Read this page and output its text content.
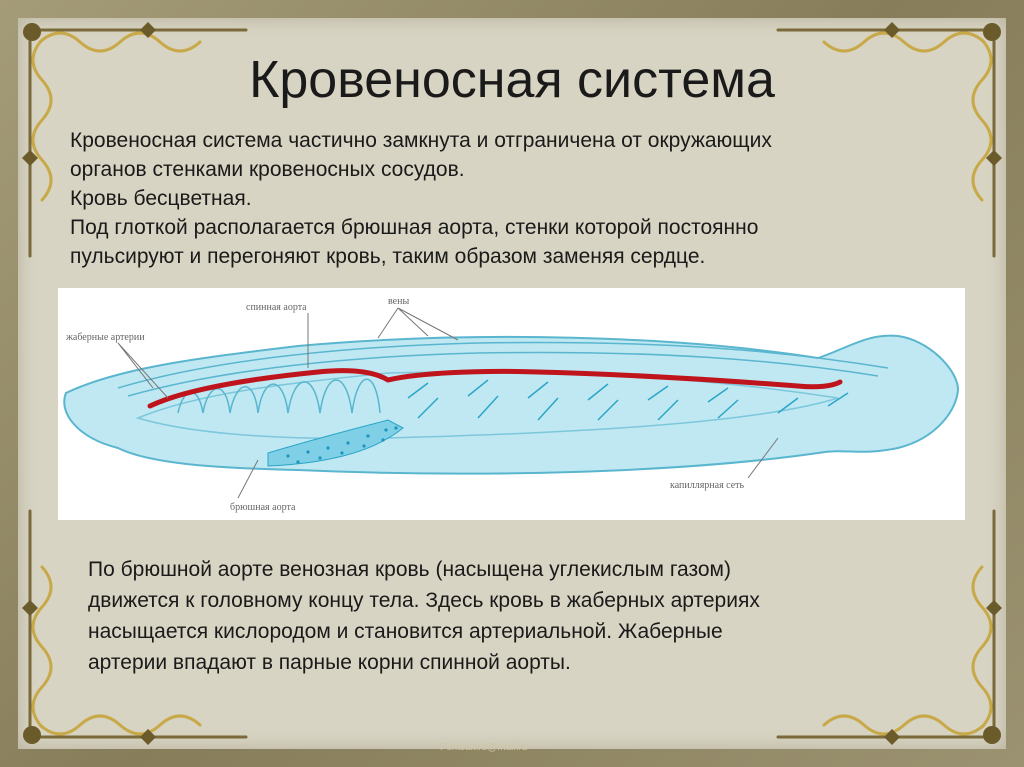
Кровеносная система
Кровеносная система частично замкнута и отграничена от окружающих
органов стенками кровеносных сосудов.
Кровь бесцветная.
Под глоткой располагается брюшная аорта, стенки которой постоянно
пульсируют и перегоняют кровь, таким образом заменяя сердце.
спинная аорта
вены
жаберные артерии
брюшная аорта
капиллярная сеть
По брюшной аорте венозная кровь (насыщена углекислым газом)
движется к головному концу тела. Здесь кровь в жаберных артериях
насыщается кислородом и становится артериальной. Жаберные
артерии впадают в парные корни спинной аорты.
Fontsalt.ru@mail.ru
